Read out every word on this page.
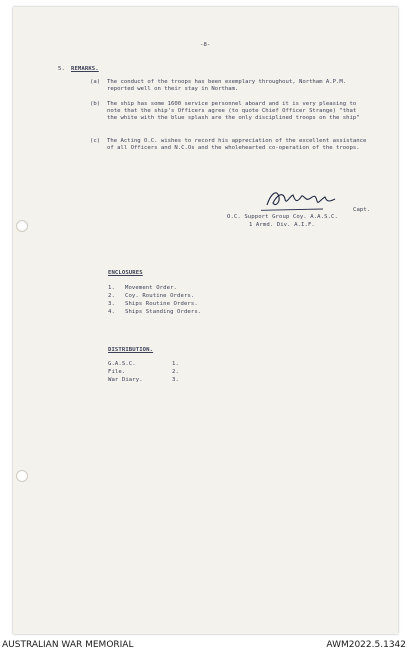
-8-
5. REMARKS.
(a) The conduct of the troops has been exemplary throughout, Northam A.P.M. reported well on their stay in Northam.
(b) The ship has some 1600 service personnel aboard and it is very pleasing to note that the ship's Officers agree (to quote Chief Officer Strange) "that the white with the blue splash are the only disciplined troops on the ship"
(c) The Acting O.C. wishes to record his appreciation of the excellent assistance of all Officers and N.C.Os and the wholehearted co-operation of the troops.
Capt.
O.C. Support Group Coy. A.A.S.C.
1 Armd. Div. A.I.F.
ENCLOSURES
1. Movement Order.
2. Coy. Routine Orders.
3. Ships Routine Orders.
4. Ships Standing Orders.
DISTRIBUTION.
G.A.S.C.	1.
File.	2.
War Diary.	3.
AUSTRALIAN WAR MEMORIAL	AWM2022.5.1342
